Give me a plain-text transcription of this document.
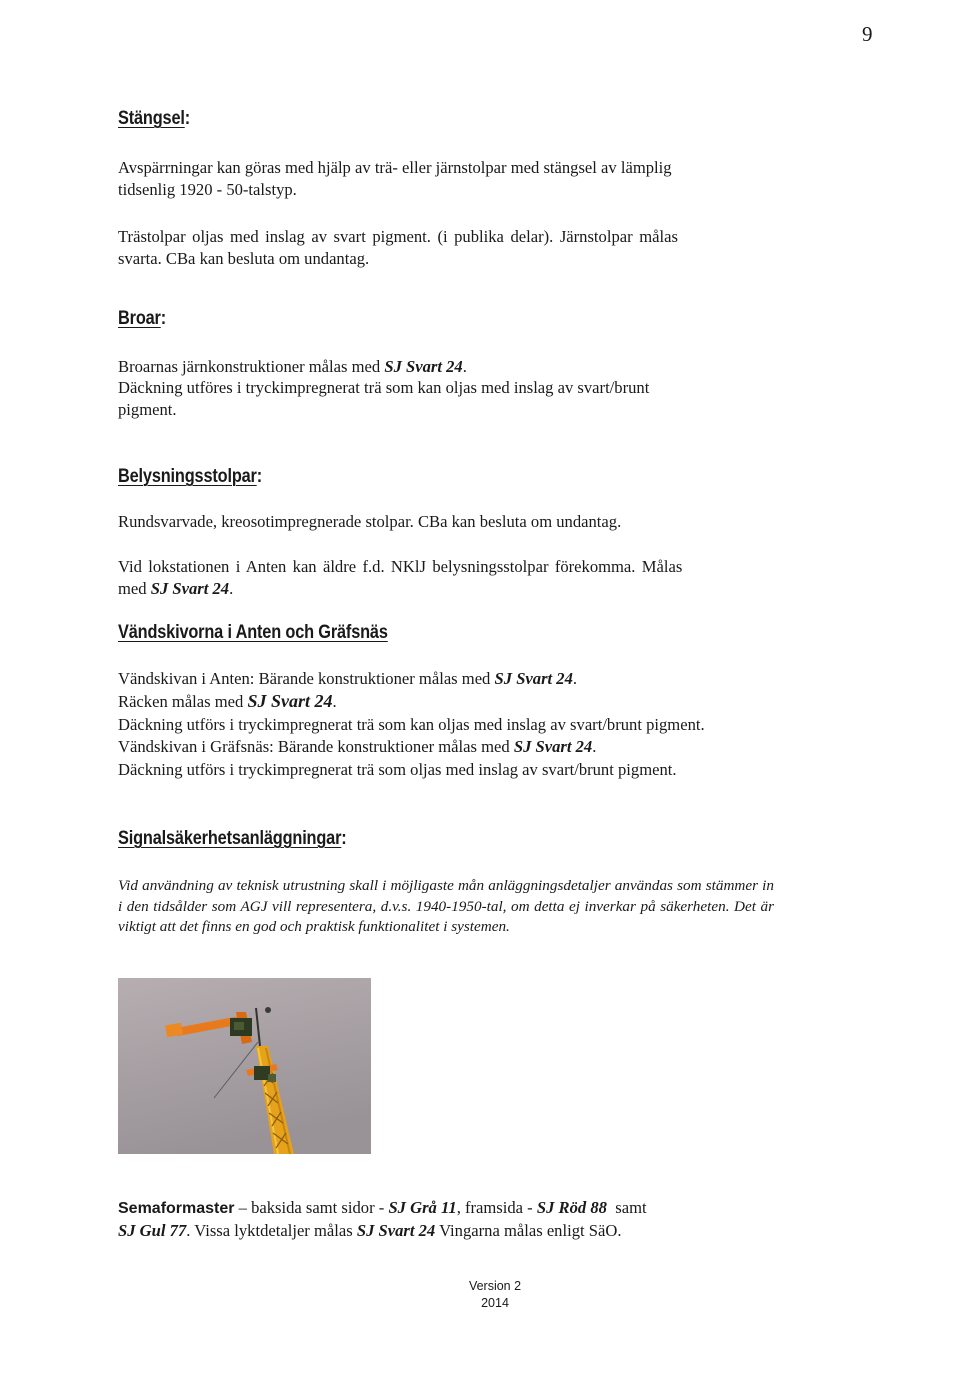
9
Stängsel:
Avspärrningar kan göras med hjälp av trä- eller järnstolpar med stängsel av lämplig
tidsenlig 1920 - 50-talstyp.
Trästolpar oljas med inslag av svart pigment. (i publika delar). Järnstolpar målas
svarta. CBa kan besluta om undantag.
Broar:
Broarnas järnkonstruktioner målas med SJ Svart 24.
Däckning utföres i tryckimpregnerat trä som kan oljas med inslag av svart/brunt
pigment.
Belysningsstolpar:
Rundsvarvade, kreosotimpregnerade stolpar. CBa kan besluta om undantag.
Vid lokstationen i Anten kan äldre f.d. NKlJ belysningsstolpar förekomma. Målas
med SJ Svart 24.
Vändskivorna i Anten och Gräfsnäs
Vändskivan i Anten: Bärande konstruktioner målas med SJ Svart 24.
Räcken målas med SJ Svart 24.
Däckning utförs i tryckimpregnerat trä som kan oljas med inslag av svart/brunt pigment.
Vändskivan i Gräfsnäs: Bärande konstruktioner målas med SJ Svart 24.
Däckning utförs i tryckimpregnerat trä som oljas med inslag av svart/brunt pigment.
Signalsäkerhetsanläggningar:
Vid användning av teknisk utrustning skall i möjligaste mån anläggningsdetaljer användas som stämmer in i den tidsålder som AGJ vill representera, d.v.s. 1940-1950-tal, om detta ej inverkar på säkerheten. Det är viktigt att det finns en god och praktisk funktionalitet i systemen.
Semaformaster – baksida samt sidor - SJ Grå 11, framsida - SJ Röd 88  samt
SJ Gul 77. Vissa lyktdetaljer målas SJ Svart 24 Vingarna målas enligt SäO.
Version 2
2014
